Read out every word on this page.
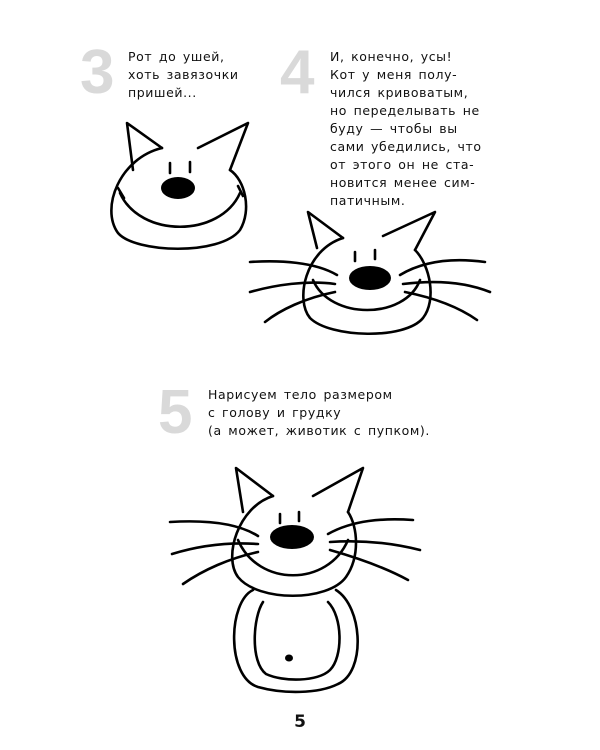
3 Рот до ушей,
хоть завязочки
пришей...	4 И, конечно, усы!
Кот у меня полу-
чился кривоватым,
но переделывать не
буду — чтобы вы
сами убедились, что
от этого он не ста-
новится менее сим-
патичным.

5 Нарисуем тело размером
с голову и грудку
(а может, животик с пупком).

5
